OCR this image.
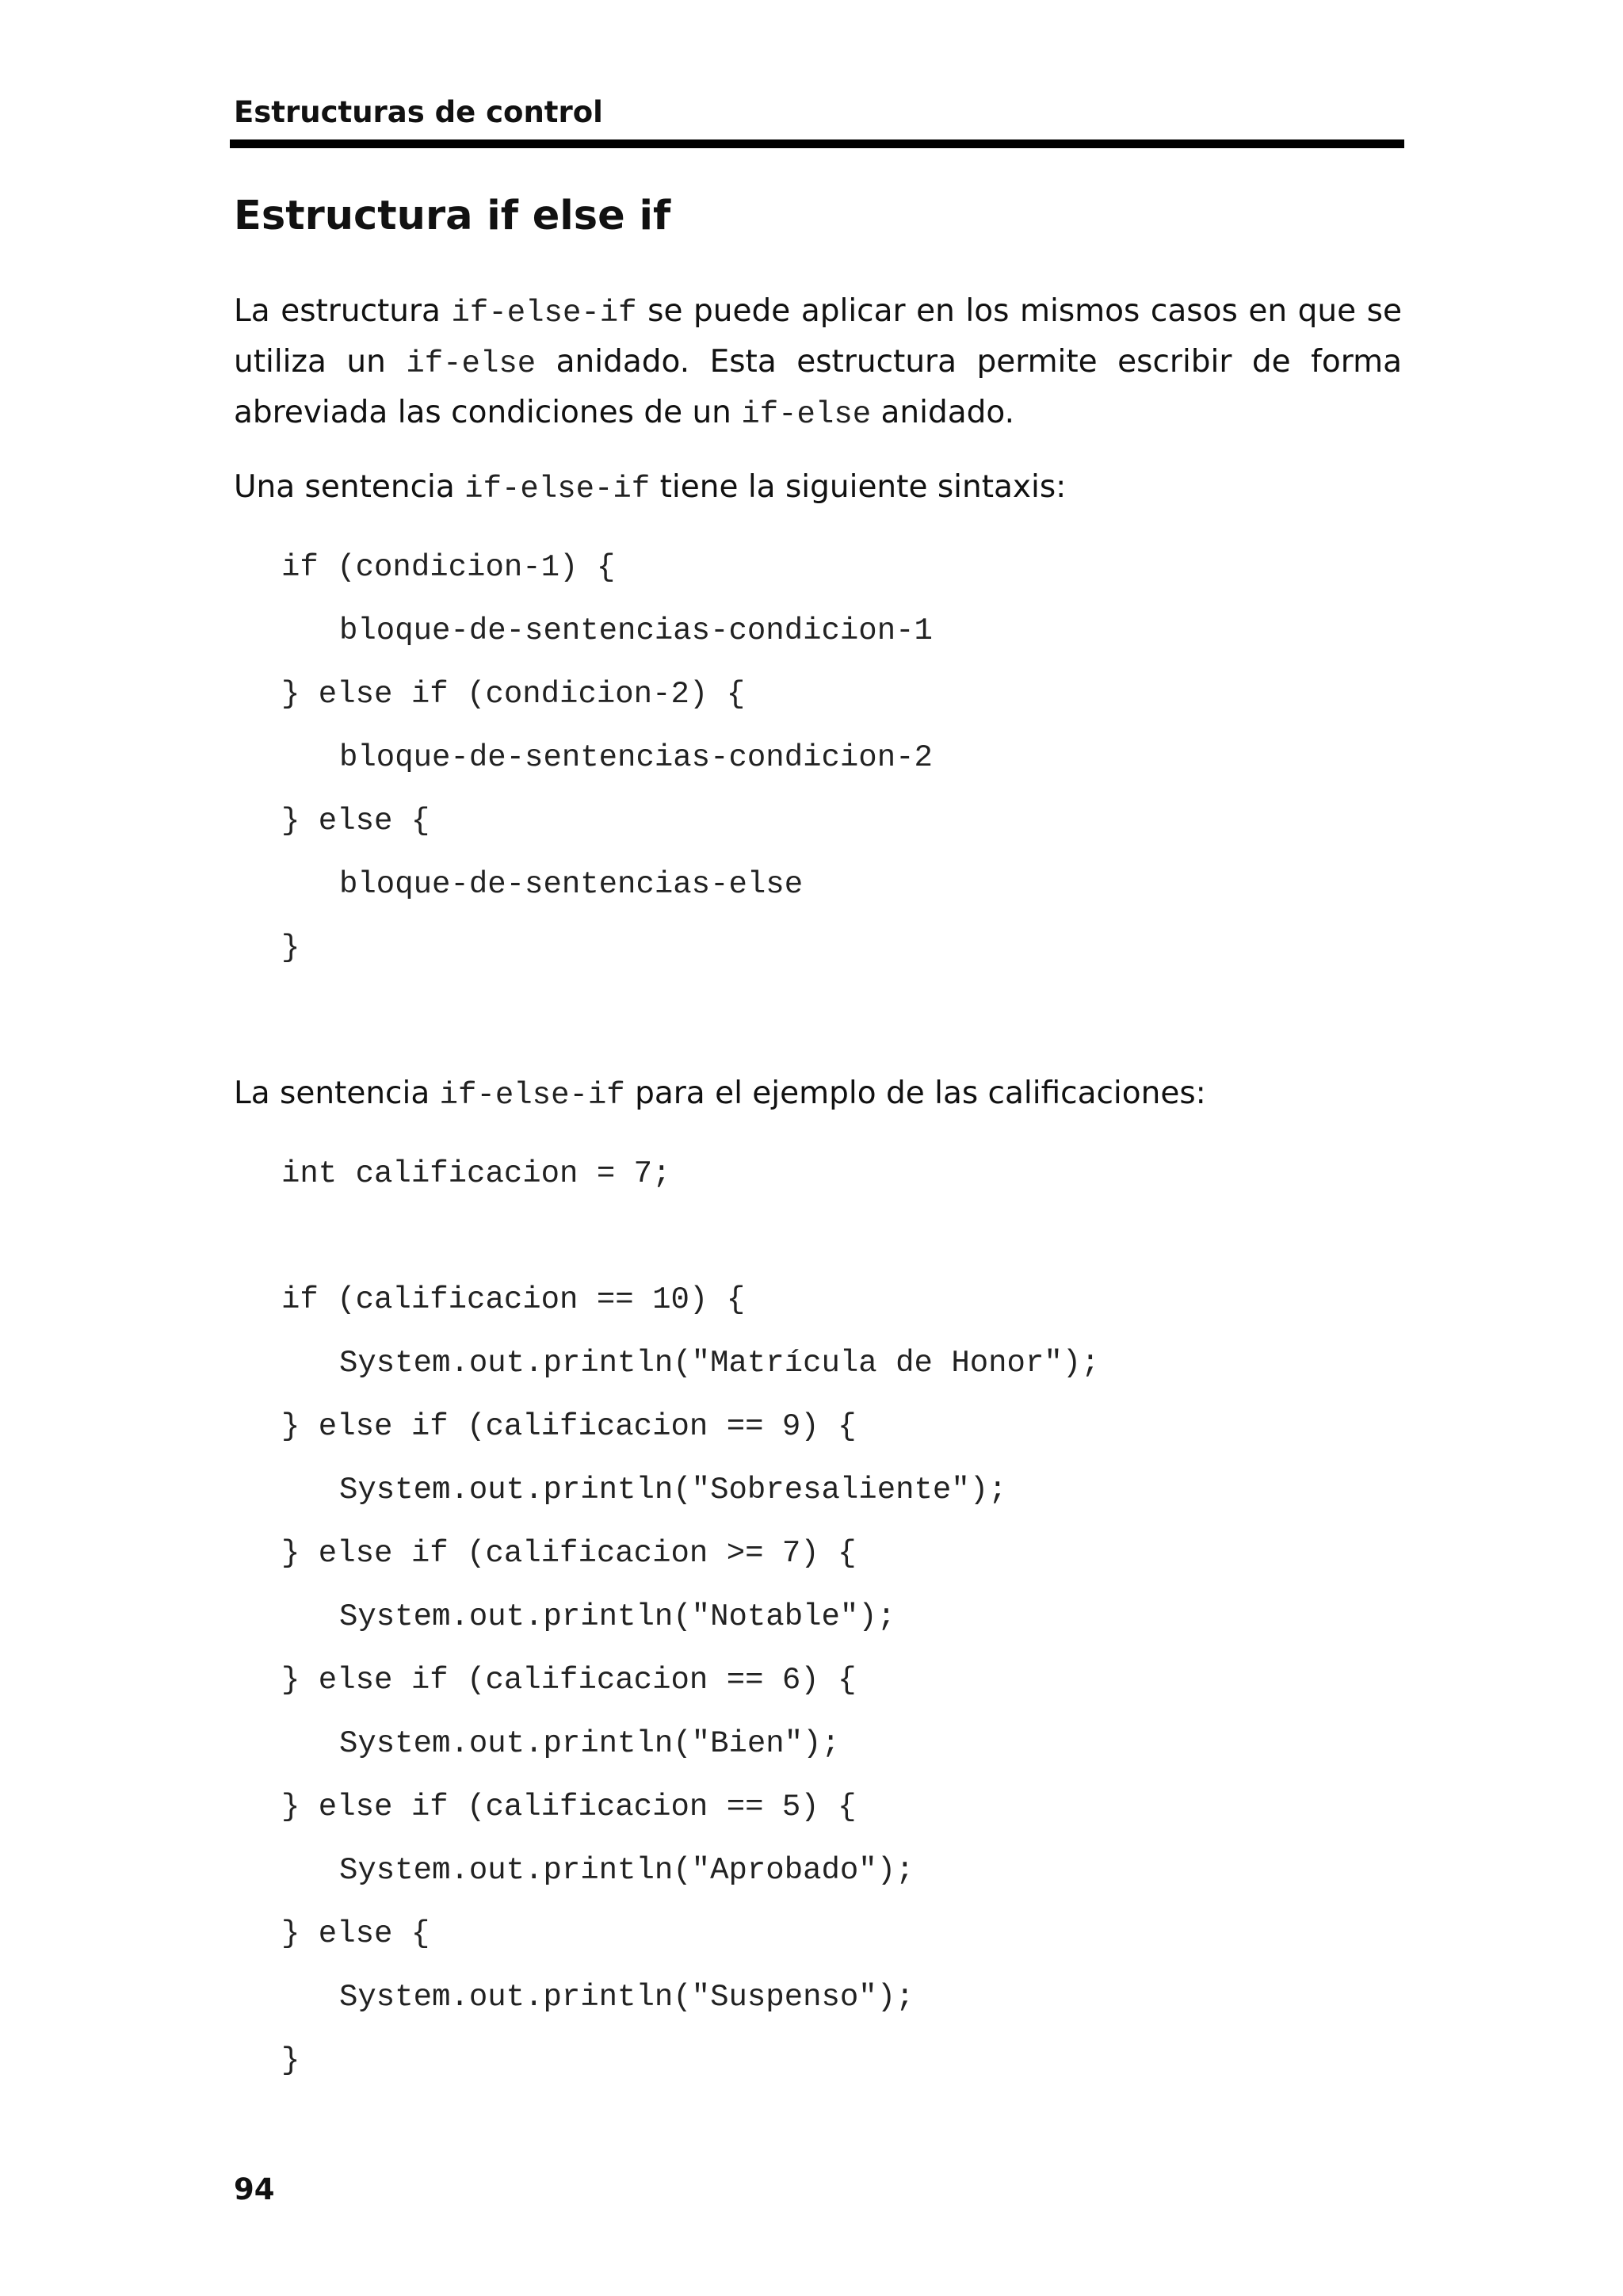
Estructuras de control
Estructura if else if

La estructura if-else-if se puede aplicar en los mismos casos en que se utiliza un if-else anidado. Esta estructura permite escribir de forma abreviada las condiciones de un if-else anidado.

Una sentencia if-else-if tiene la siguiente sintaxis:

if (condicion-1) {
bloque-de-sentencias-condicion-1
} else if (condicion-2) {
bloque-de-sentencias-condicion-2
} else {
bloque-de-sentencias-else
}

La sentencia if-else-if para el ejemplo de las calificaciones:

int calificacion = 7;
if (calificacion == 10) {
System.out.println("Matrícula de Honor");
} else if (calificacion == 9) {
System.out.println("Sobresaliente");
} else if (calificacion >= 7) {
System.out.println("Notable");
} else if (calificacion == 6) {
System.out.println("Bien");
} else if (calificacion == 5) {
System.out.println("Aprobado");
} else {
System.out.println("Suspenso");
}
94
